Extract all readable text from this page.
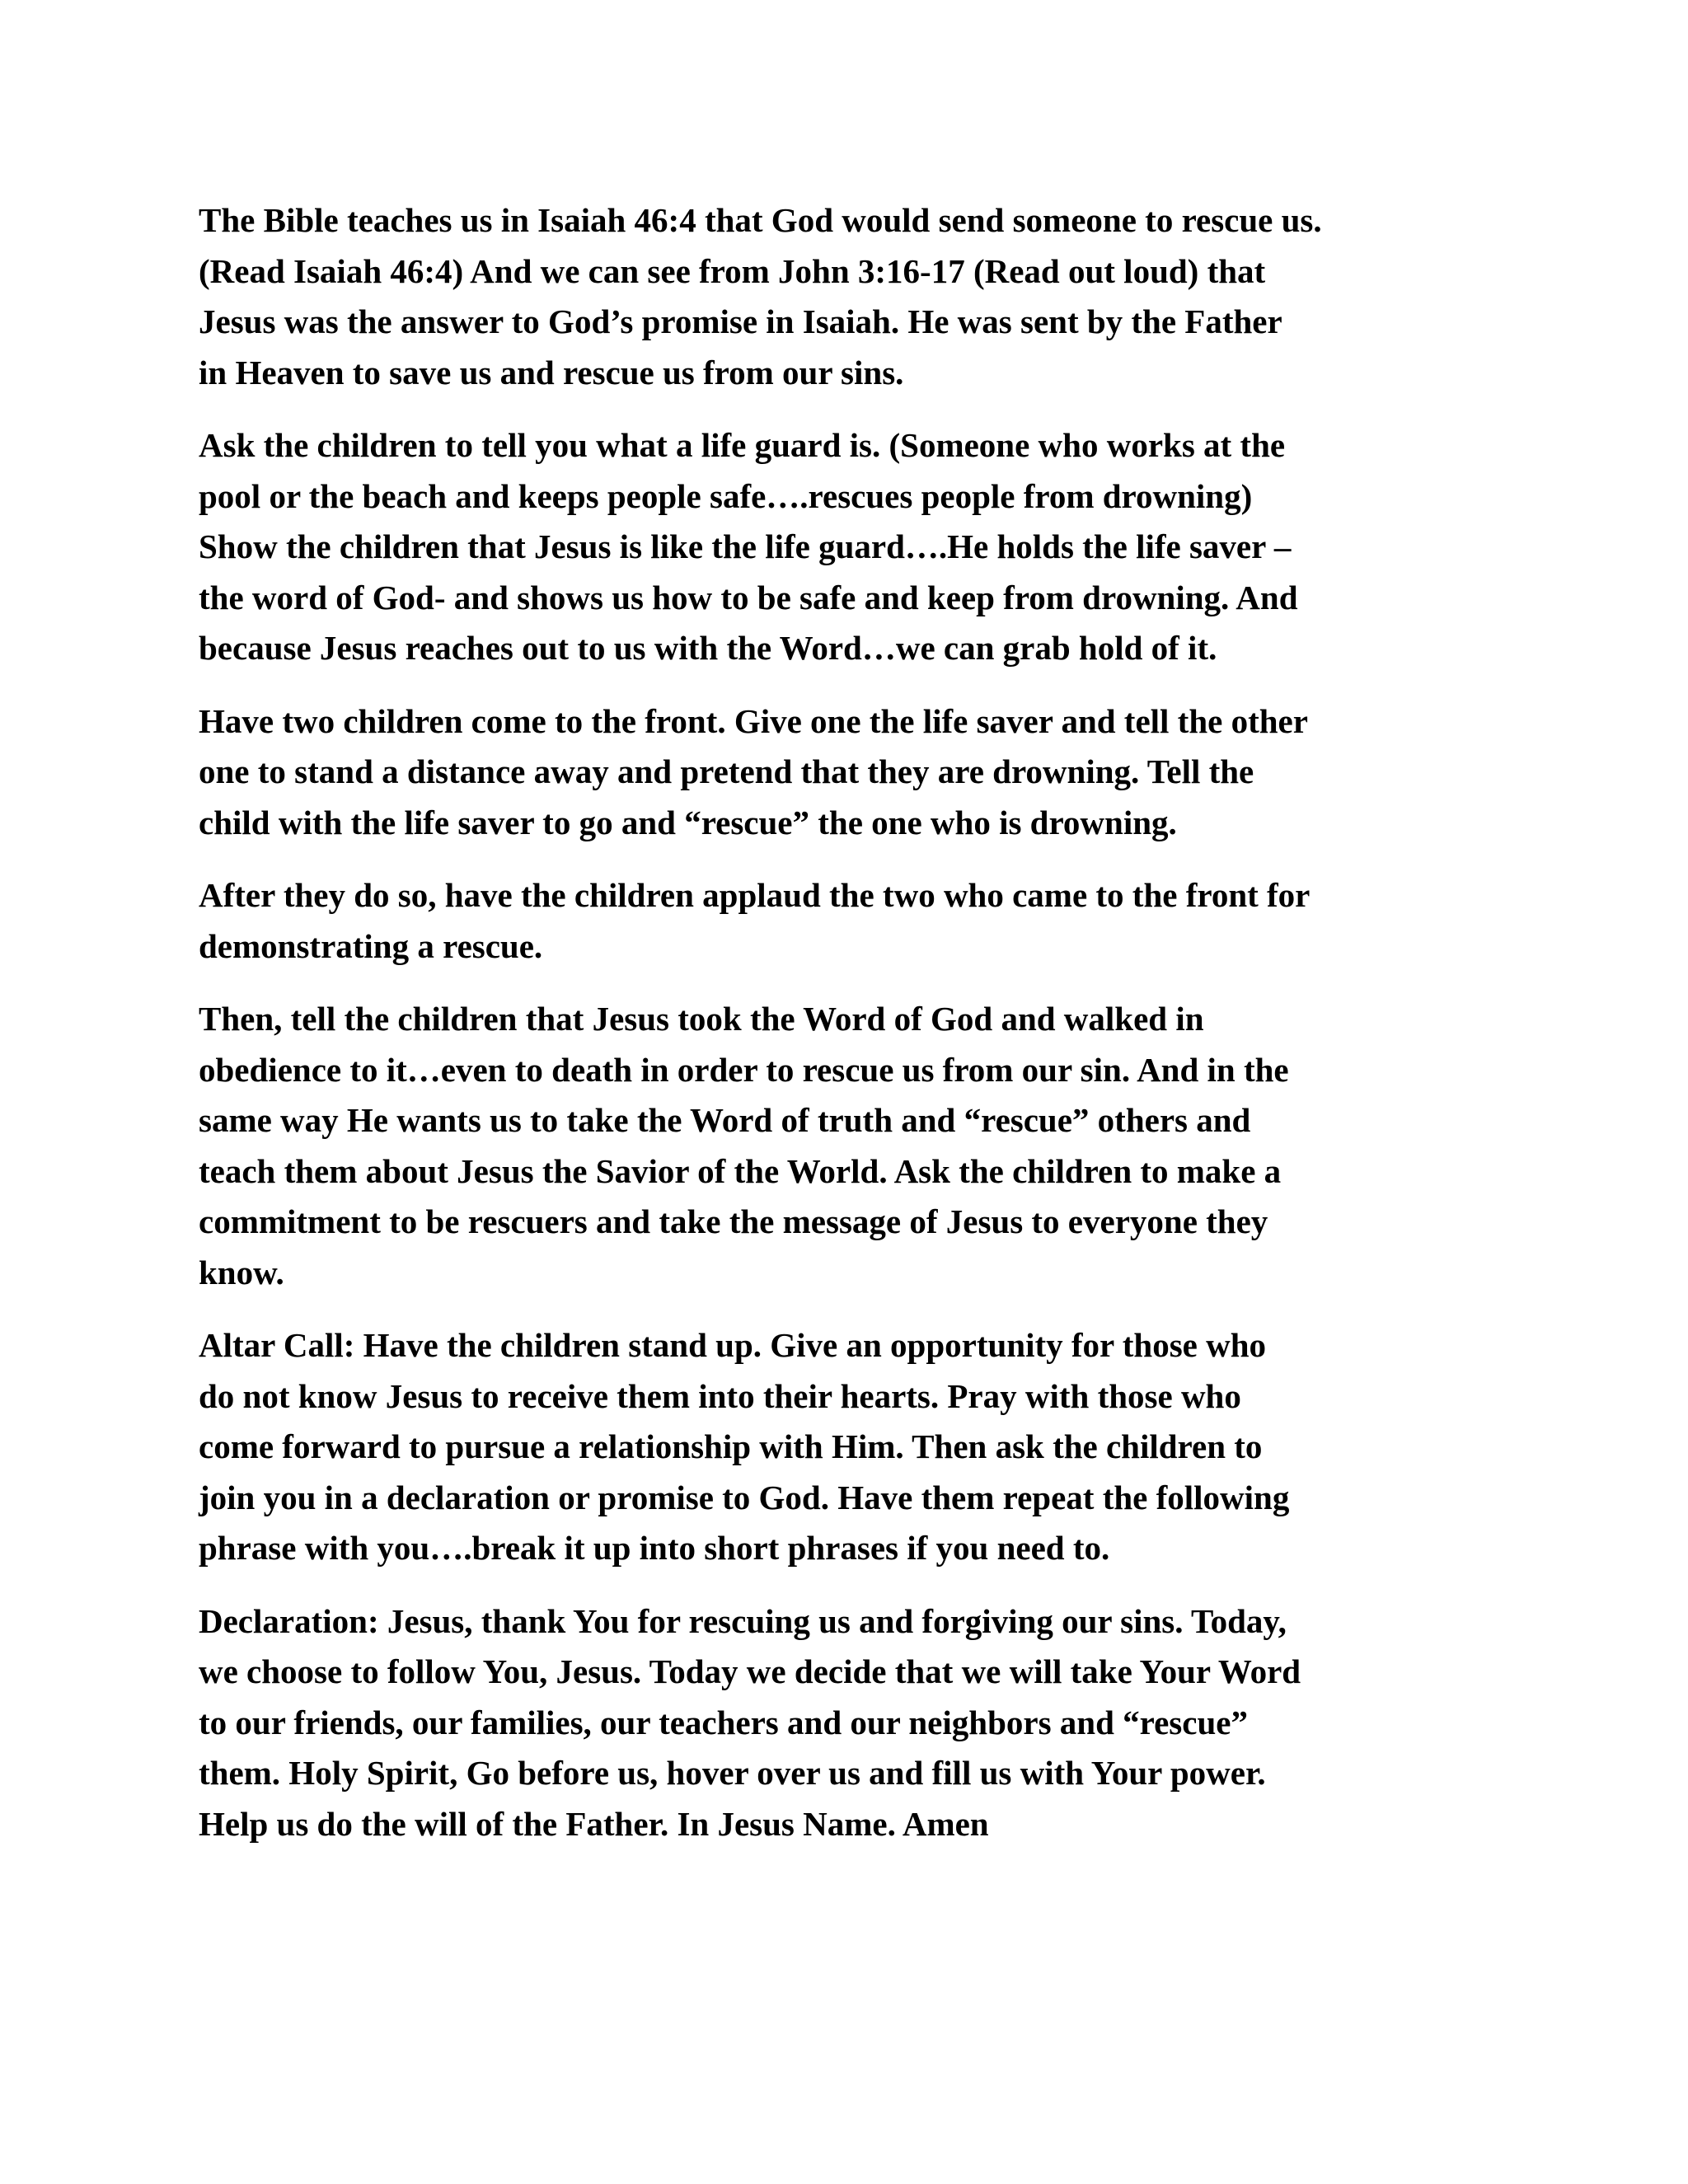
The Bible teaches us in Isaiah 46:4 that God would send someone to rescue us.
(Read Isaiah 46:4) And we can see from John 3:16-17 (Read out loud) that
Jesus was the answer to God’s promise in Isaiah. He was sent by the Father
in Heaven to save us and rescue us from our sins.

Ask the children to tell you what a life guard is. (Someone who works at the
pool or the beach and keeps people safe….rescues people from drowning)
Show the children that Jesus is like the life guard….He holds the life saver –
the word of God- and shows us how to be safe and keep from drowning. And
because Jesus reaches out to us with the Word…we can grab hold of it.

Have two children come to the front. Give one the life saver and tell the other
one to stand a distance away and pretend that they are drowning. Tell the
child with the life saver to go and “rescue” the one who is drowning.

After they do so, have the children applaud the two who came to the front for
demonstrating a rescue.

Then, tell the children that Jesus took the Word of God and walked in
obedience to it…even to death in order to rescue us from our sin. And in the
same way He wants us to take the Word of truth and “rescue” others and
teach them about Jesus the Savior of the World. Ask the children to make a
commitment to be rescuers and take the message of Jesus to everyone they
know.

Altar Call: Have the children stand up. Give an opportunity for those who
do not know Jesus to receive them into their hearts. Pray with those who
come forward to pursue a relationship with Him. Then ask the children to
join you in a declaration or promise to God. Have them repeat the following
phrase with you….break it up into short phrases if you need to.

Declaration: Jesus, thank You for rescuing us and forgiving our sins. Today,
we choose to follow You, Jesus. Today we decide that we will take Your Word
to our friends, our families, our teachers and our neighbors and “rescue”
them. Holy Spirit, Go before us, hover over us and fill us with Your power.
Help us do the will of the Father. In Jesus Name. Amen
